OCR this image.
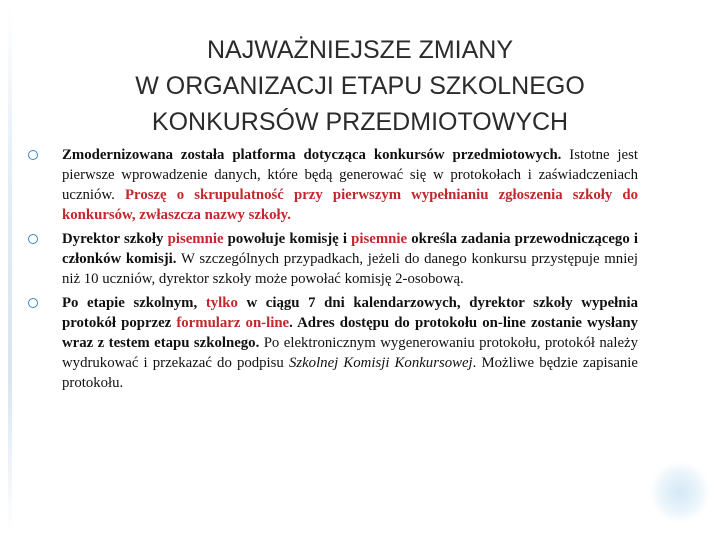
NAJWAŻNIEJSZE ZMIANY
W ORGANIZACJI ETAPU SZKOLNEGO
KONKURSÓW PRZEDMIOTOWYCH
Zmodernizowana została platforma dotycząca konkursów przedmiotowych. Istotne jest pierwsze wprowadzenie danych, które będą generować się w protokołach i zaświadczeniach uczniów. Proszę o skrupulatność przy pierwszym wypełnianiu zgłoszenia szkoły do konkursów, zwłaszcza nazwy szkoły.
Dyrektor szkoły pisemnie powołuje komisję i pisemnie określa zadania przewodniczącego i członków komisji. W szczególnych przypadkach, jeżeli do danego konkursu przystępuje mniej niż 10 uczniów, dyrektor szkoły może powołać komisję 2-osobową.
Po etapie szkolnym, tylko w ciągu 7 dni kalendarzowych, dyrektor szkoły wypełnia protokół poprzez formularz on-line. Adres dostępu do protokołu on-line zostanie wysłany wraz z testem etapu szkolnego. Po elektronicznym wygenerowaniu protokołu, protokół należy wydrukować i przekazać do podpisu Szkolnej Komisji Konkursowej. Możliwe będzie zapisanie protokołu.
